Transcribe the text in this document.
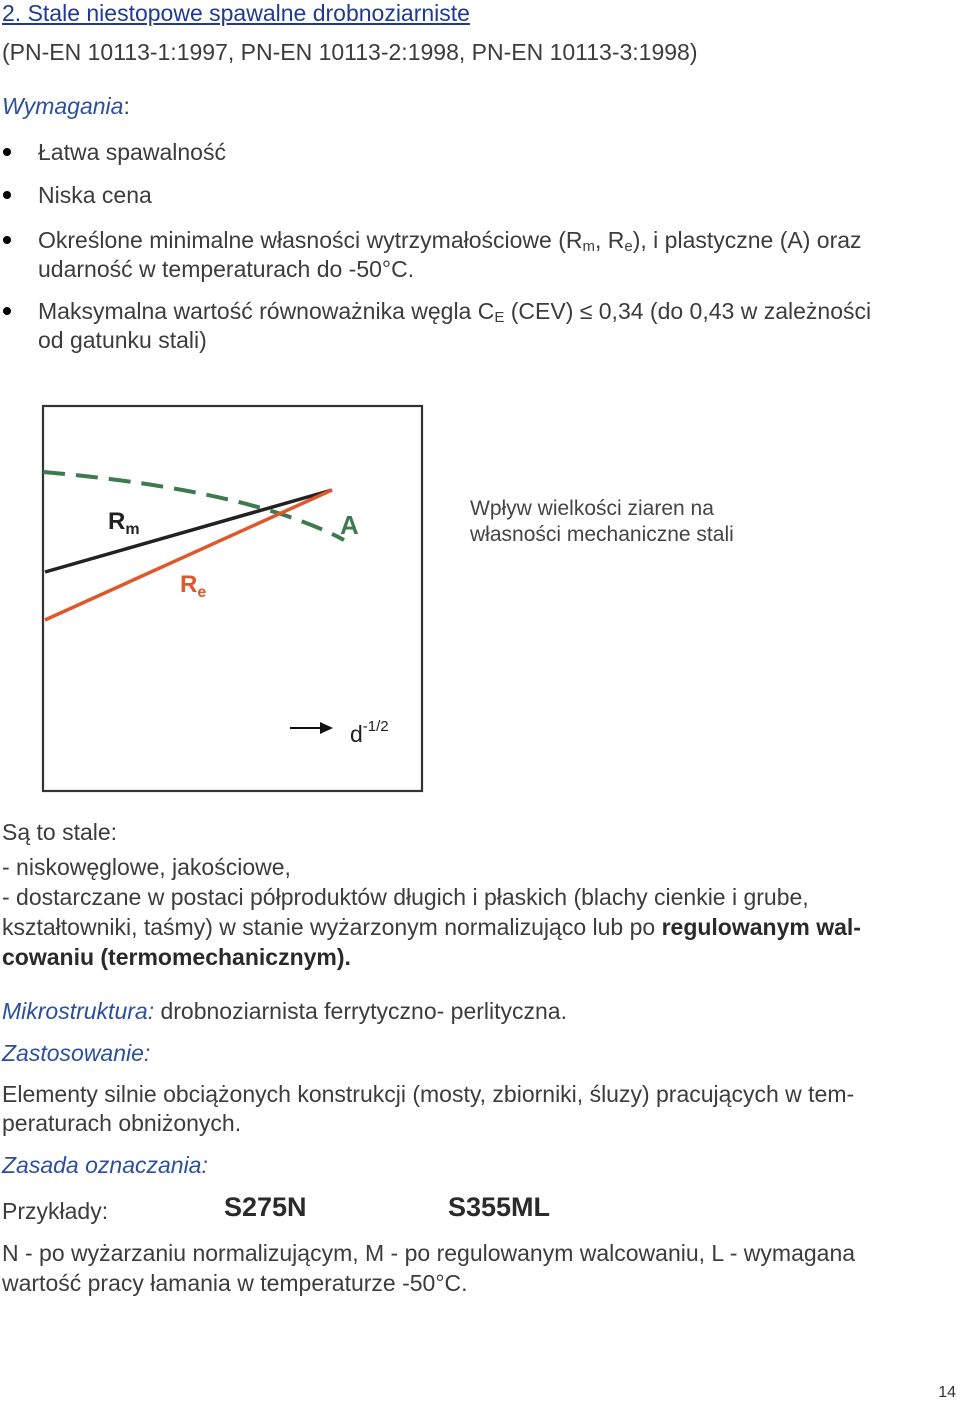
2. Stale niestopowe spawalne drobnoziarniste
(PN-EN 10113-1:1997, PN-EN 10113-2:1998, PN-EN 10113-3:1998)
Wymagania:
Łatwa spawalność
Niska cena
Określone minimalne własności wytrzymałościowe ($R_m$, $R_e$), i plastyczne (A) oraz
udarność w temperaturach do -50°C.
Maksymalna wartość równoważnika węgla $C_E$ (CEV) ≤ 0,34 (do 0,43 w zależności
od gatunku stali)
$R_m$	A
$R_e$
Wpływ wielkości ziaren na
własności mechaniczne stali
$d^{-1/2}$
Są to stale:
- niskowęglowe, jakościowe,
- dostarczane w postaci półproduktów długich i płaskich (blachy cienkie i grube,
kształtowniki, taśmy) w stanie wyżarzonym normalizująco lub po regulowanym wal-
cowaniu (termomechanicznym).
Mikrostruktura: drobnoziarnista ferrytyczno- perlityczna.
Zastosowanie:
Elementy silnie obciążonych konstrukcji (mosty, zbiorniki, śluzy) pracujących w tem-
peraturach obniżonych.
Zasada oznaczania:
Przykłady:	S275N	S355ML
N - po wyżarzaniu normalizującym, M - po regulowanym walcowaniu, L - wymagana
wartość pracy łamania w temperaturze -50°C.
14
